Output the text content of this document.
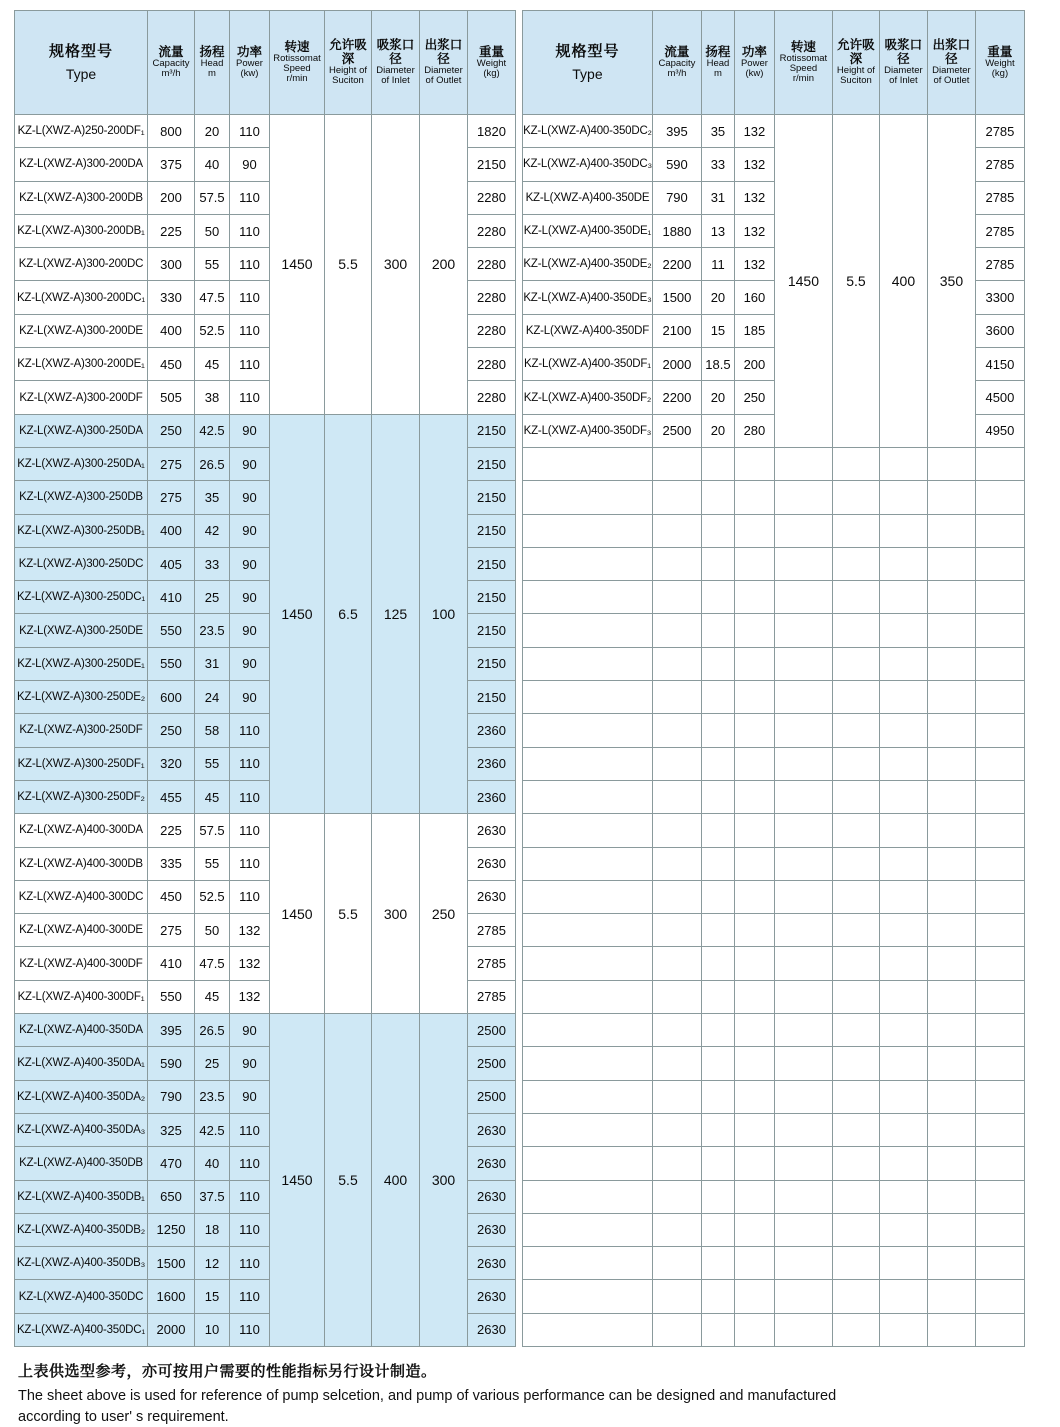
规格型号
Type	流量
Capacity
m³/h	扬程
Head
m	功率
Power
(kw)	转速
Rotissomat Speed
r/min	允许吸深
Height of Suciton	吸浆口径
Diameter of Inlet	出浆口径
Diameter of Outlet	重量
Weight
(kg)

KZ-L(XWZ-A)250-200DF₁	800	20	110	1450	5.5	300	200	1820
KZ-L(XWZ-A)300-200DA	375	40	90					2150
KZ-L(XWZ-A)300-200DB	200	57.5	110					2280
KZ-L(XWZ-A)300-200DB₁	225	50	110					2280
KZ-L(XWZ-A)300-200DC	300	55	110					2280
KZ-L(XWZ-A)300-200DC₁	330	47.5	110					2280
KZ-L(XWZ-A)300-200DE	400	52.5	110					2280
KZ-L(XWZ-A)300-200DE₁	450	45	110					2280
KZ-L(XWZ-A)300-200DF	505	38	110					2280
KZ-L(XWZ-A)300-250DA	250	42.5	90	1450	6.5	125	100	2150
KZ-L(XWZ-A)300-250DA₁	275	26.5	90					2150
KZ-L(XWZ-A)300-250DB	275	35	90					2150
KZ-L(XWZ-A)300-250DB₁	400	42	90					2150
KZ-L(XWZ-A)300-250DC	405	33	90					2150
KZ-L(XWZ-A)300-250DC₁	410	25	90					2150
KZ-L(XWZ-A)300-250DE	550	23.5	90					2150
KZ-L(XWZ-A)300-250DE₁	550	31	90					2150
KZ-L(XWZ-A)300-250DE₂	600	24	90					2150
KZ-L(XWZ-A)300-250DF	250	58	110					2360
KZ-L(XWZ-A)300-250DF₁	320	55	110					2360
KZ-L(XWZ-A)300-250DF₂	455	45	110					2360
KZ-L(XWZ-A)400-300DA	225	57.5	110	1450	5.5	300	250	2630
KZ-L(XWZ-A)400-300DB	335	55	110					2630
KZ-L(XWZ-A)400-300DC	450	52.5	110					2630
KZ-L(XWZ-A)400-300DE	275	50	132					2785
KZ-L(XWZ-A)400-300DF	410	47.5	132					2785
KZ-L(XWZ-A)400-300DF₁	550	45	132					2785
KZ-L(XWZ-A)400-350DA	395	26.5	90	1450	5.5	400	300	2500
KZ-L(XWZ-A)400-350DA₁	590	25	90					2500
KZ-L(XWZ-A)400-350DA₂	790	23.5	90					2500
KZ-L(XWZ-A)400-350DA₃	325	42.5	110					2630
KZ-L(XWZ-A)400-350DB	470	40	110					2630
KZ-L(XWZ-A)400-350DB₁	650	37.5	110					2630
KZ-L(XWZ-A)400-350DB₂	1250	18	110					2630
KZ-L(XWZ-A)400-350DB₃	1500	12	110					2630
KZ-L(XWZ-A)400-350DC	1600	15	110					2630
KZ-L(XWZ-A)400-350DC₁	2000	10	110					2630
规格型号
Type	流量
Capacity
m³/h	扬程
Head
m	功率
Power
(kw)	转速
Rotissomat Speed
r/min	允许吸深
Height of Suciton	吸浆口径
Diameter of Inlet	出浆口径
Diameter of Outlet	重量
Weight
(kg)

KZ-L(XWZ-A)400-350DC₂	395	35	132	1450	5.5	400	350	2785
KZ-L(XWZ-A)400-350DC₃	590	33	132					2785
KZ-L(XWZ-A)400-350DE	790	31	132					2785
KZ-L(XWZ-A)400-350DE₁	1880	13	132					2785
KZ-L(XWZ-A)400-350DE₂	2200	11	132					2785
KZ-L(XWZ-A)400-350DE₃	1500	20	160					3300
KZ-L(XWZ-A)400-350DF	2100	15	185					3600
KZ-L(XWZ-A)400-350DF₁	2000	18.5	200					4150
KZ-L(XWZ-A)400-350DF₂	2200	20	250					4500
KZ-L(XWZ-A)400-350DF₃	2500	20	280					4950

上表供选型参考，亦可按用户需要的性能指标另行设计制造。
The sheet above is used for reference of pump selcetion, and pump of various performance can be designed and manufactured
according to user' s requirement.
